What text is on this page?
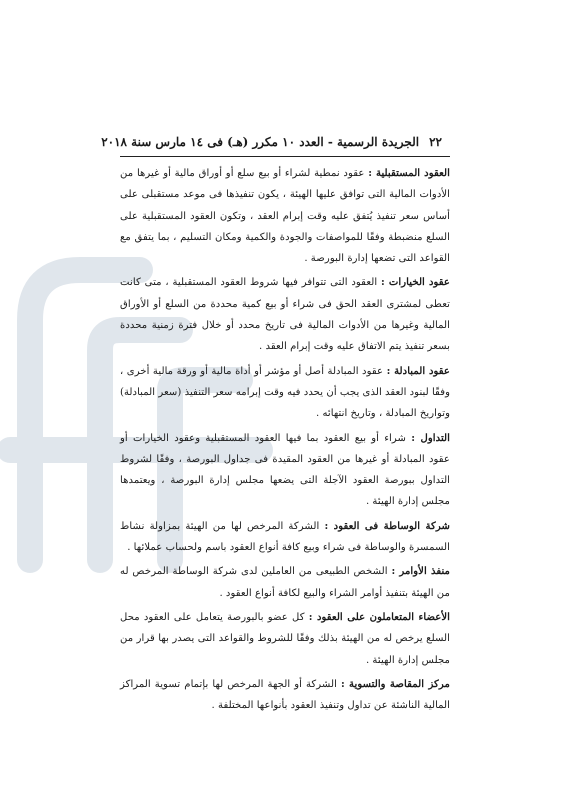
٢٢
الجريدة الرسمية - العدد ١٠ مكرر (هـ) فى ١٤ مارس سنة ٢٠١٨

العقود المستقبلية : عقود نمطية لشراء أو بيع سلع أو أوراق مالية أو غيرها من الأدوات المالية التى توافق عليها الهيئة ، يكون تنفيذها فى موعد مستقبلى على أساس سعر تنفيذ يُتفق عليه وقت إبرام العقد ، وتكون العقود المستقبلية على السلع منضبطة وفقًا للمواصفات والجودة والكمية ومكان التسليم ، بما يتفق مع القواعد التى تضعها إدارة البورصة .

عقود الخيارات : العقود التى تتوافر فيها شروط العقود المستقبلية ، متى كانت تعطى لمشترى العقد الحق فى شراء أو بيع كمية محددة من السلع أو الأوراق المالية وغيرها من الأدوات المالية فى تاريخ محدد أو خلال فترة زمنية محددة بسعر تنفيذ يتم الاتفاق عليه وقت إبرام العقد .

عقود المبادلة : عقود المبادلة أصل أو مؤشر أو أداة مالية أو ورقة مالية أخرى ، وفقًا لبنود العقد الذى يجب أن يحدد فيه وقت إبرامه سعر التنفيذ (سعر المبادلة) وتواريخ المبادلة ، وتاريخ انتهائه .

التداول : شراء أو بيع العقود بما فيها العقود المستقبلية وعقود الخيارات أو عقود المبادلة أو غيرها من العقود المقيدة فى جداول البورصة ، وفقًا لشروط التداول ببورصة العقود الآجلة التى يضعها مجلس إدارة البورصة ، ويعتمدها مجلس إدارة الهيئة .

شركة الوساطة فى العقود : الشركة المرخص لها من الهيئة بمزاولة نشاط السمسرة والوساطة فى شراء وبيع كافة أنواع العقود باسم ولحساب عملائها .

منفذ الأوامر : الشخص الطبيعى من العاملين لدى شركة الوساطة المرخص له من الهيئة بتنفيذ أوامر الشراء والبيع لكافة أنواع العقود .

الأعضاء المتعاملون على العقود : كل عضو بالبورصة يتعامل على العقود محل السلع يرخص له من الهيئة بذلك وفقًا للشروط والقواعد التى يصدر بها قرار من مجلس إدارة الهيئة .

مركز المقاصة والتسوية : الشركة أو الجهة المرخص لها بإتمام تسوية المراكز المالية الناشئة عن تداول وتنفيذ العقود بأنواعها المختلفة .
